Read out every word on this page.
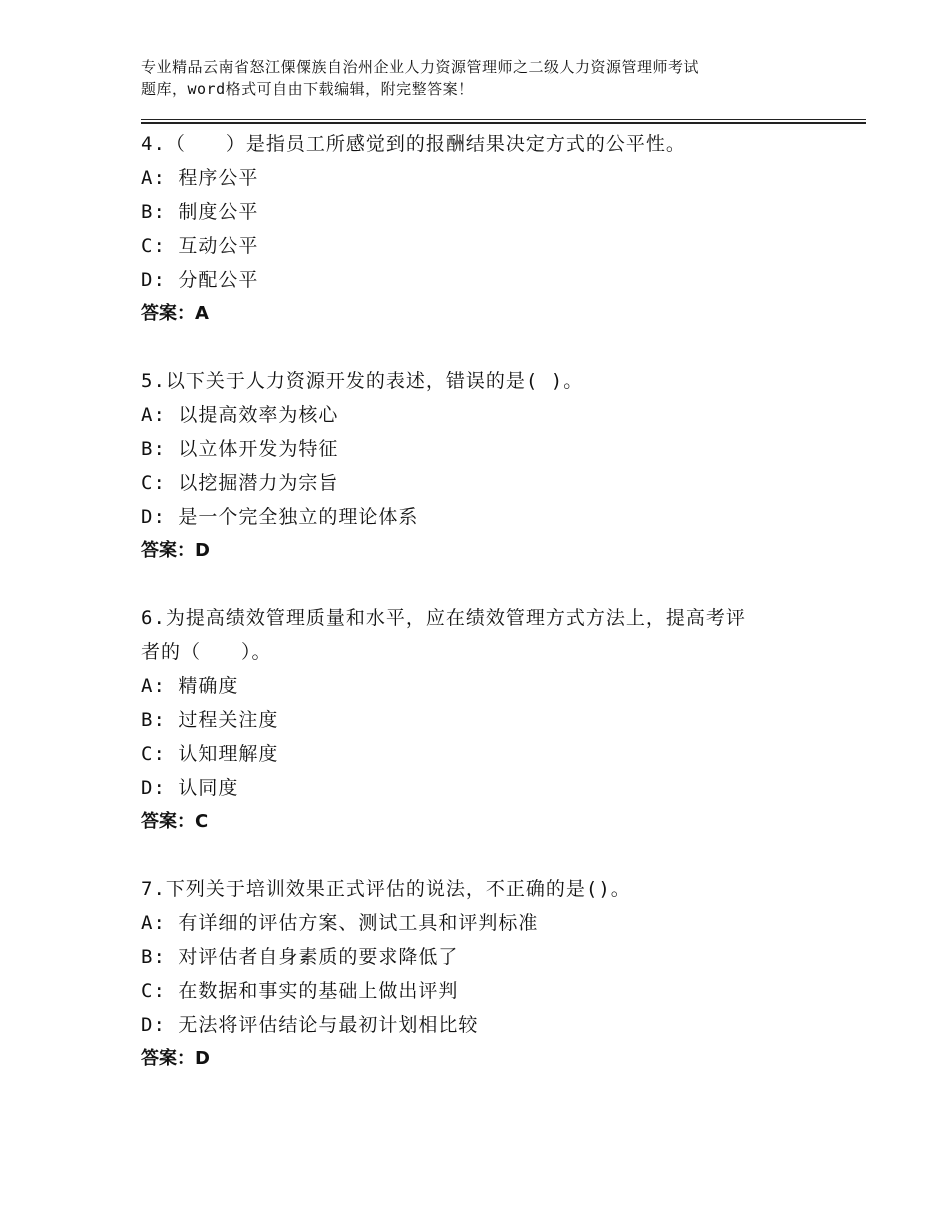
专业精品云南省怒江傈僳族自治州企业人力资源管理师之二级人力资源管理师考试
题库，word格式可自由下载编辑，附完整答案！
4.（　　）是指员工所感觉到的报酬结果决定方式的公平性。
A: 程序公平
B: 制度公平
C: 互动公平
D: 分配公平
答案：A
5.以下关于人力资源开发的表述，错误的是( )。
A: 以提高效率为核心
B: 以立体开发为特征
C: 以挖掘潜力为宗旨
D: 是一个完全独立的理论体系
答案：D
6.为提高绩效管理质量和水平，应在绩效管理方式方法上，提高考评
者的（　　）。
A: 精确度
B: 过程关注度
C: 认知理解度
D: 认同度
答案：C
7.下列关于培训效果正式评估的说法，不正确的是()。
A: 有详细的评估方案、测试工具和评判标准
B: 对评估者自身素质的要求降低了
C: 在数据和事实的基础上做出评判
D: 无法将评估结论与最初计划相比较
答案：D
